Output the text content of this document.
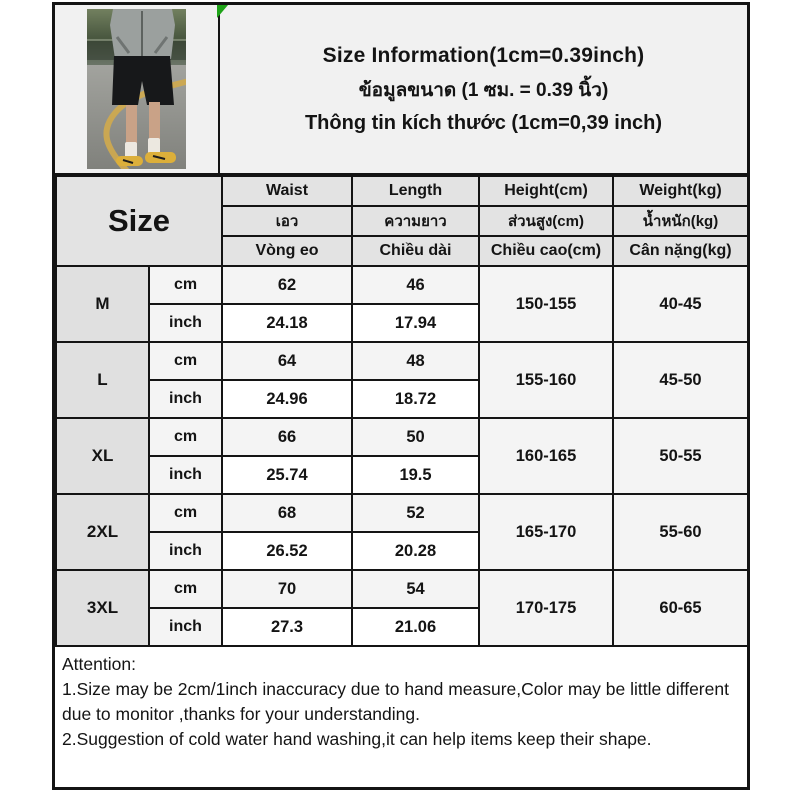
Size Information(1cm=0.39inch)
ข้อมูลขนาด (1 ซม. = 0.39 นิ้ว)
Thông tin kích thước (1cm=0,39 inch)
Size		Waist	Length	Height(cm)	Weight(kg)
		เอว	ความยาว	ส่วนสูง(cm)	น้ำหนัก(kg)
		Vòng eo	Chiều dài	Chiều cao(cm)	Cân nặng(kg)
M	cm	62	46	150-155	40-45
	inch	24.18	17.94		
L	cm	64	48	155-160	45-50
	inch	24.96	18.72		
XL	cm	66	50	160-165	50-55
	inch	25.74	19.5		
2XL	cm	68	52	165-170	55-60
	inch	26.52	20.28		
3XL	cm	70	54	170-175	60-65
	inch	27.3	21.06		
Attention:
1.Size may be 2cm/1inch inaccuracy due to hand measure,Color may be little different due to monitor ,thanks for your understanding.
2.Suggestion of cold water hand washing,it can help items keep their shape.
